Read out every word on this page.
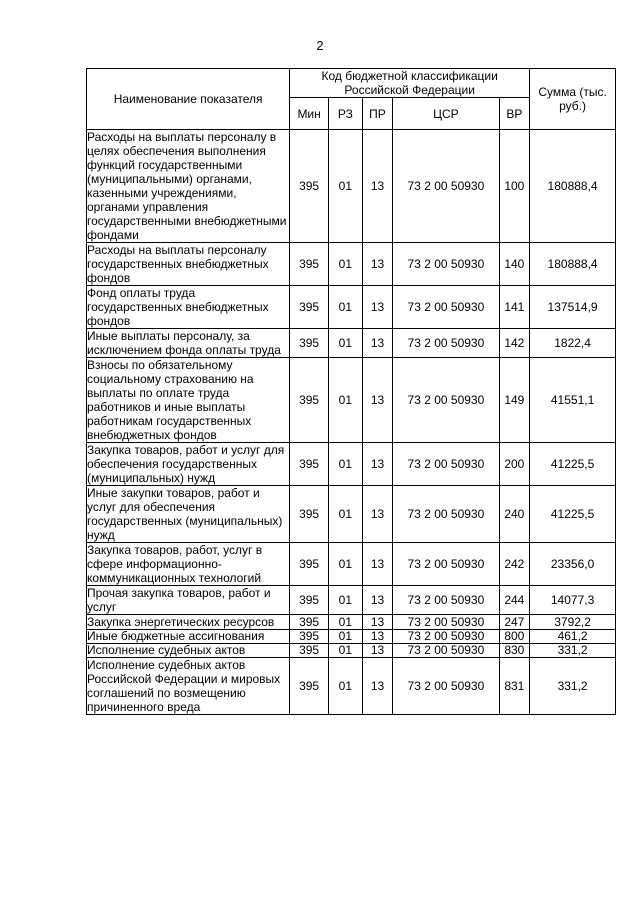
2
Наименование показателя	Код бюджетной классификации Российской Федерации					Сумма (тыс. руб.)
	Мин	РЗ	ПР	ЦСР	ВР	
Расходы на выплаты персоналу в целях обеспечения выполнения функций государственными (муниципальными) органами, казенными учреждениями, органами управления государственными внебюджетными фондами	395	01	13	73 2 00 50930	100	180888,4
Расходы на выплаты персоналу государственных внебюджетных фондов	395	01	13	73 2 00 50930	140	180888,4
Фонд оплаты труда государственных внебюджетных фондов	395	01	13	73 2 00 50930	141	137514,9
Иные выплаты персоналу, за исключением фонда оплаты труда	395	01	13	73 2 00 50930	142	1822,4
Взносы по обязательному социальному страхованию на выплаты по оплате труда работников и иные выплаты работникам государственных внебюджетных фондов	395	01	13	73 2 00 50930	149	41551,1
Закупка товаров, работ и услуг для обеспечения государственных (муниципальных) нужд	395	01	13	73 2 00 50930	200	41225,5
Иные закупки товаров, работ и услуг для обеспечения государственных (муниципальных) нужд	395	01	13	73 2 00 50930	240	41225,5
Закупка товаров, работ, услуг в сфере информационно-коммуникационных технологий	395	01	13	73 2 00 50930	242	23356,0
Прочая закупка товаров, работ и услуг	395	01	13	73 2 00 50930	244	14077,3
Закупка энергетических ресурсов	395	01	13	73 2 00 50930	247	3792,2
Иные бюджетные ассигнования	395	01	13	73 2 00 50930	800	461,2
Исполнение судебных актов	395	01	13	73 2 00 50930	830	331,2
Исполнение судебных актов Российской Федерации и мировых соглашений по возмещению причиненного вреда	395	01	13	73 2 00 50930	831	331,2
